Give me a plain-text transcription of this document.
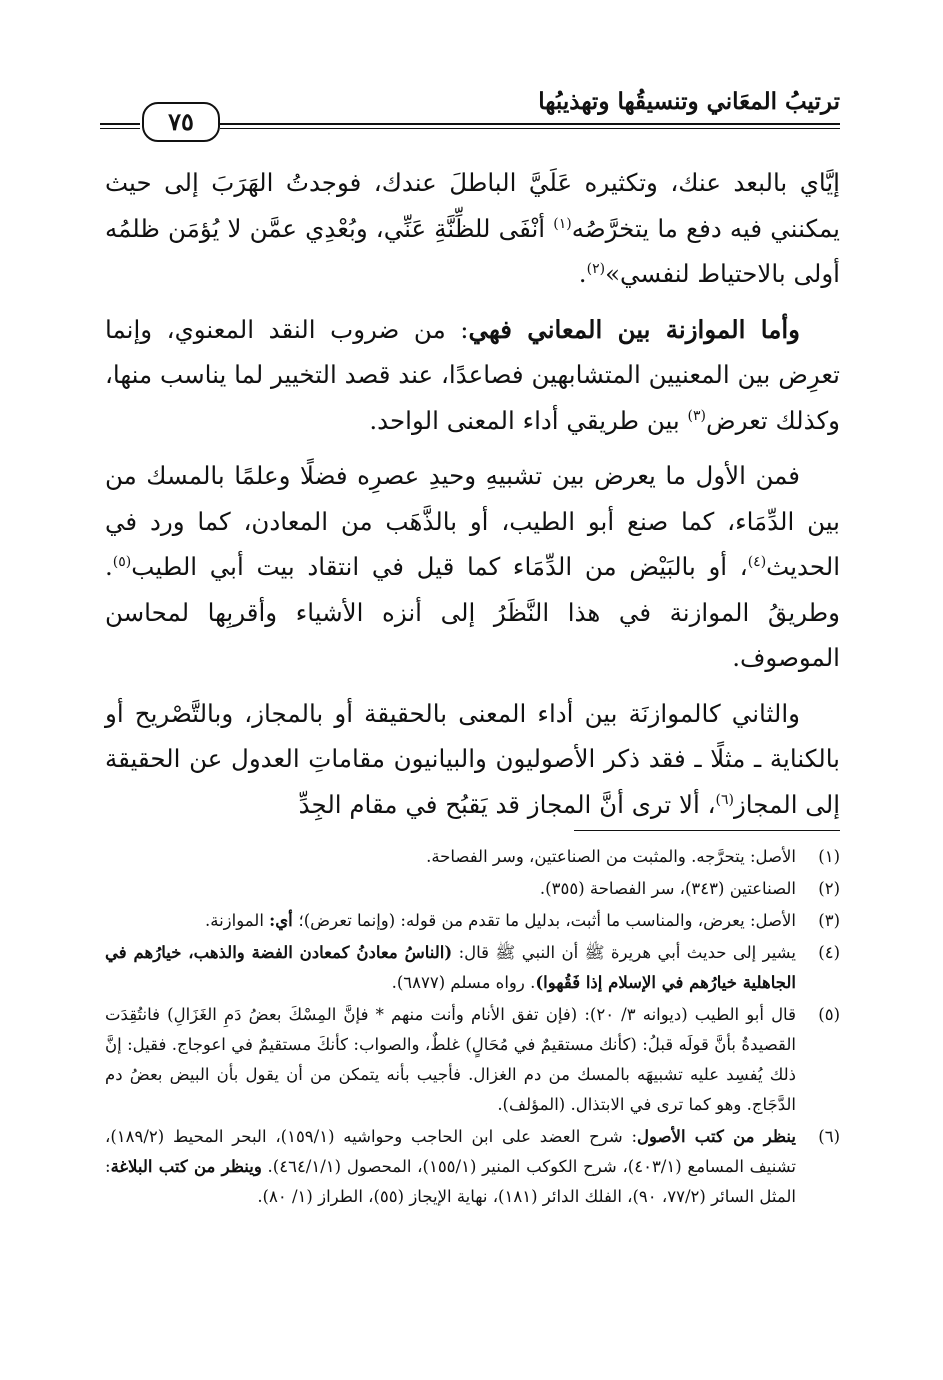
ترتيبُ المعَاني وتنسيقُها وتهذيبُها
٧٥

إيَّاي بالبعد عنك، وتكثيره عَلَيَّ الباطلَ عندك، فوجدتُ الهَرَبَ إلى حيث يمكنني فيه دفع ما يتخرَّصُه$^{(١)}$ أنْفَى للظِّنَّةِ عَنِّي، وبُعْدِي عمَّن لا يُؤمَن ظلمُه أولى بالاحتياط لنفسي»$^{(٢)}$.

وأما الموازنة بين المعاني فهي: من ضروب النقد المعنوي، وإنما تعرِض بين المعنيين المتشابهين فصاعدًا، عند قصد التخيير لما يناسب منها، وكذلك تعرض$^{(٣)}$ بين طريقي أداء المعنى الواحد.

فمن الأول ما يعرض بين تشبيهِ وحيدِ عصرِه فضلًا وعلمًا بالمسك من بين الدِّمَاء، كما صنع أبو الطيب، أو بالذَّهَب من المعادن، كما ورد في الحديث$^{(٤)}$، أو بالبَيْض من الدِّمَاء كما قيل في انتقاد بيت أبي الطيب$^{(٥)}$. وطريقُ الموازنة في هذا النَّظَرُ إلى أنزه الأشياء وأقربِها لمحاسن الموصوف.

والثاني كالموازنَة بين أداء المعنى بالحقيقة أو بالمجاز، وبالتَّصْريح أو بالكناية ـ مثلًا ـ فقد ذكر الأصوليون والبيانيون مقاماتِ العدول عن الحقيقة إلى المجاز$^{(٦)}$، ألا ترى أنَّ المجاز قد يَقبُح في مقام الجِدِّ

(١)
الأصل: يتحرَّجه. والمثبت من الصناعتين، وسر الفصاحة.
(٢)
الصناعتين (٣٤٣)، سر الفصاحة (٣٥٥).
(٣)
الأصل: يعرض، والمناسب ما أثبت، بدليل ما تقدم من قوله: (وإنما تعرض)؛ أي: الموازنة.
(٤)
يشير إلى حديث أبي هريرة ﷺ أن النبي ﷺ قال: (الناسُ معادنُ كمعادن الفضة والذهب، خيارُهم في الجاهلية خيارُهم في الإسلام إذا فَقُهوا). رواه مسلم (٦٨٧٧).
(٥)
قال أبو الطيب (ديوانه ٣/ ٢٠): (فإن تفق الأنام وأنت منهم * فإنَّ المِسْكَ بعضُ دَمِ الغَزَالِ) فانتُقِدَت القصيدةُ بأنَّ قولَه قبلُ: (كأنك مستقيمٌ في مُحَالٍ) غلطٌ، والصواب: كأنكَ مستقيمٌ في اعوجاج. فقيل: إنَّ ذلك يُفسِد عليه تشبيهَه بالمسك من دم الغزال. فأجيب بأنه يتمكن من أن يقول بأن البيض بعضُ دم الدَّجَاج. وهو كما ترى في الابتذال. (المؤلف).
(٦)
ينظر من كتب الأصول: شرح العضد على ابن الحاجب وحواشيه (١٥٩/١)، البحر المحيط (١٨٩/٢)، تشنيف المسامع (٤٠٣/١)، شرح الكوكب المنير (١٥٥/١)، المحصول (٤٦٤/١/١). وينظر من كتب البلاغة: المثل السائر (٧٧/٢، ٩٠)، الفلك الدائر (١٨١)، نهاية الإيجاز (٥٥)، الطراز (١/ ٨٠).
